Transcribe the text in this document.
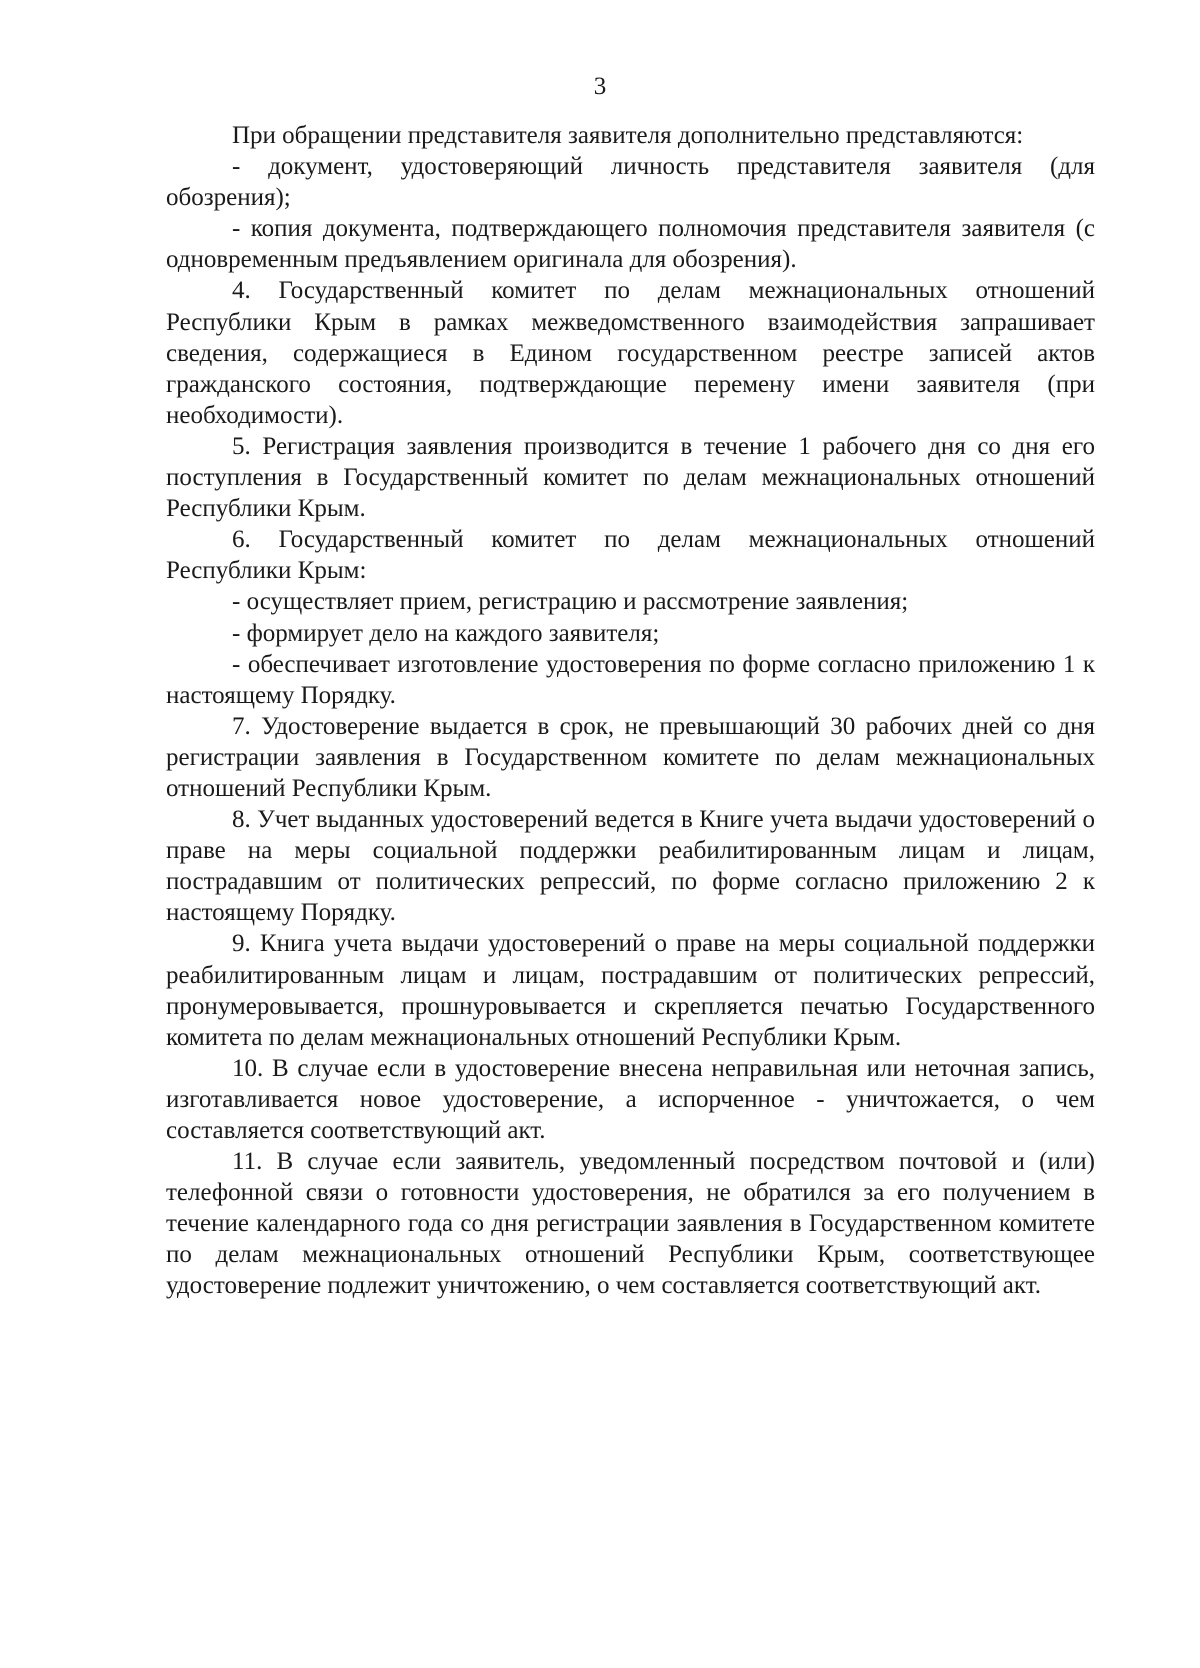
3

При обращении представителя заявителя дополнительно представляются:

- документ, удостоверяющий личность представителя заявителя (для обозрения);

- копия документа, подтверждающего полномочия представителя заявителя (с одновременным предъявлением оригинала для обозрения).

4. Государственный комитет по делам межнациональных отношений Республики Крым в рамках межведомственного взаимодействия запрашивает сведения, содержащиеся в Едином государственном реестре записей актов гражданского состояния, подтверждающие перемену имени заявителя (при необходимости).

5. Регистрация заявления производится в течение 1 рабочего дня со дня его поступления в Государственный комитет по делам межнациональных отношений Республики Крым.

6. Государственный комитет по делам межнациональных отношений Республики Крым:

- осуществляет прием, регистрацию и рассмотрение заявления;

- формирует дело на каждого заявителя;

- обеспечивает изготовление удостоверения по форме согласно приложению 1 к настоящему Порядку.

7. Удостоверение выдается в срок, не превышающий 30 рабочих дней со дня регистрации заявления в Государственном комитете по делам межнациональных отношений Республики Крым.

8. Учет выданных удостоверений ведется в Книге учета выдачи удостоверений о праве на меры социальной поддержки реабилитированным лицам и лицам, пострадавшим от политических репрессий, по форме согласно приложению 2 к настоящему Порядку.

9. Книга учета выдачи удостоверений о праве на меры социальной поддержки реабилитированным лицам и лицам, пострадавшим от политических репрессий, пронумеровывается, прошнуровывается и скрепляется печатью Государственного комитета по делам межнациональных отношений Республики Крым.

10. В случае если в удостоверение внесена неправильная или неточная запись, изготавливается новое удостоверение, а испорченное - уничтожается, о чем составляется соответствующий акт.

11. В случае если заявитель, уведомленный посредством почтовой и (или) телефонной связи о готовности удостоверения, не обратился за его получением в течение календарного года со дня регистрации заявления в Государственном комитете по делам межнациональных отношений Республики Крым, соответствующее удостоверение подлежит уничтожению, о чем составляется соответствующий акт.
